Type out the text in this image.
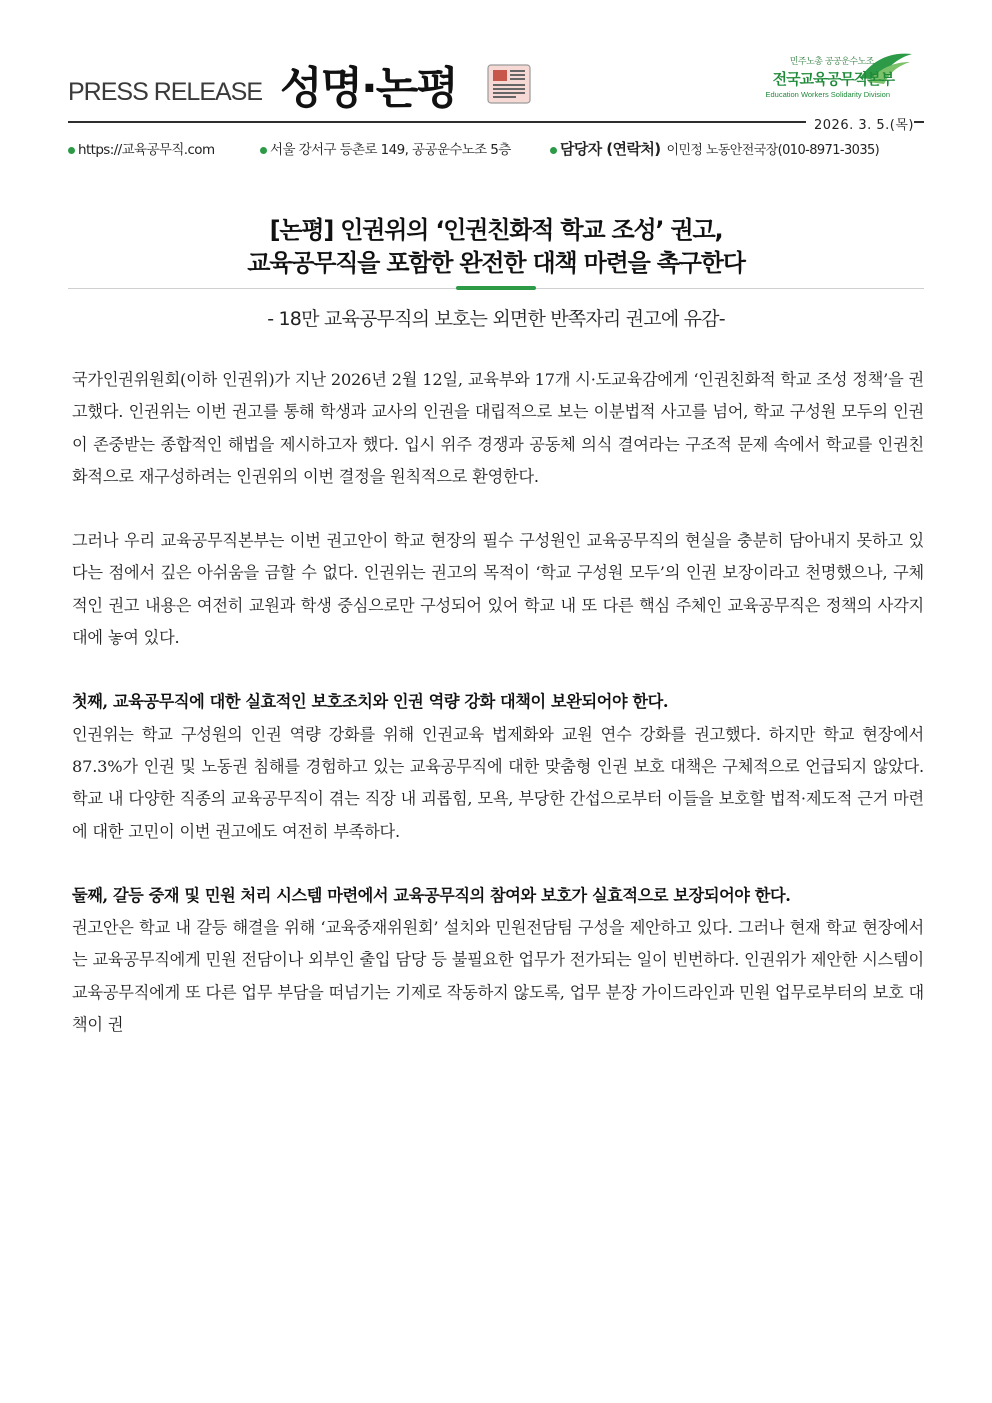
PRESS RELEASE 성명·논평
민주노총 공공운수노조
전국교육공무직본부
Education Workers Solidarity Division
2026. 3. 5.(목)
https://교육공무직.com	서울 강서구 등촌로 149, 공공운수노조 5층	담당자 (연락처) 이민정 노동안전국장(010-8971-3035)
[논평] 인권위의 ‘인권친화적 학교 조성’ 권고,
교육공무직을 포함한 완전한 대책 마련을 촉구한다
- 18만 교육공무직의 보호는 외면한 반쪽자리 권고에 유감-

국가인권위원회(이하 인권위)가 지난 2026년 2월 12일, 교육부와 17개 시·도교육감에게 ‘인권친화적 학교 조성 정책’을 권고했다. 인권위는 이번 권고를 통해 학생과 교사의 인권을 대립적으로 보는 이분법적 사고를 넘어, 학교 구성원 모두의 인권이 존중받는 종합적인 해법을 제시하고자 했다. 입시 위주 경쟁과 공동체 의식 결여라는 구조적 문제 속에서 학교를 인권친화적으로 재구성하려는 인권위의 이번 결정을 원칙적으로 환영한다.

그러나 우리 교육공무직본부는 이번 권고안이 학교 현장의 필수 구성원인 교육공무직의 현실을 충분히 담아내지 못하고 있다는 점에서 깊은 아쉬움을 금할 수 없다. 인권위는 권고의 목적이 ‘학교 구성원 모두’의 인권 보장이라고 천명했으나, 구체적인 권고 내용은 여전히 교원과 학생 중심으로만 구성되어 있어 학교 내 또 다른 핵심 주체인 교육공무직은 정책의 사각지대에 놓여 있다.

첫째, 교육공무직에 대한 실효적인 보호조치와 인권 역량 강화 대책이 보완되어야 한다.

인권위는 학교 구성원의 인권 역량 강화를 위해 인권교육 법제화와 교원 연수 강화를 권고했다. 하지만 학교 현장에서 87.3%가 인권 및 노동권 침해를 경험하고 있는 교육공무직에 대한 맞춤형 인권 보호 대책은 구체적으로 언급되지 않았다. 학교 내 다양한 직종의 교육공무직이 겪는 직장 내 괴롭힘, 모욕, 부당한 간섭으로부터 이들을 보호할 법적·제도적 근거 마련에 대한 고민이 이번 권고에도 여전히 부족하다.

둘째, 갈등 중재 및 민원 처리 시스템 마련에서 교육공무직의 참여와 보호가 실효적으로 보장되어야 한다.

권고안은 학교 내 갈등 해결을 위해 ‘교육중재위원회’ 설치와 민원전담팀 구성을 제안하고 있다. 그러나 현재 학교 현장에서는 교육공무직에게 민원 전담이나 외부인 출입 담당 등 불필요한 업무가 전가되는 일이 빈번하다. 인권위가 제안한 시스템이 교육공무직에게 또 다른 업무 부담을 떠넘기는 기제로 작동하지 않도록, 업무 분장 가이드라인과 민원 업무로부터의 보호 대책이 권
